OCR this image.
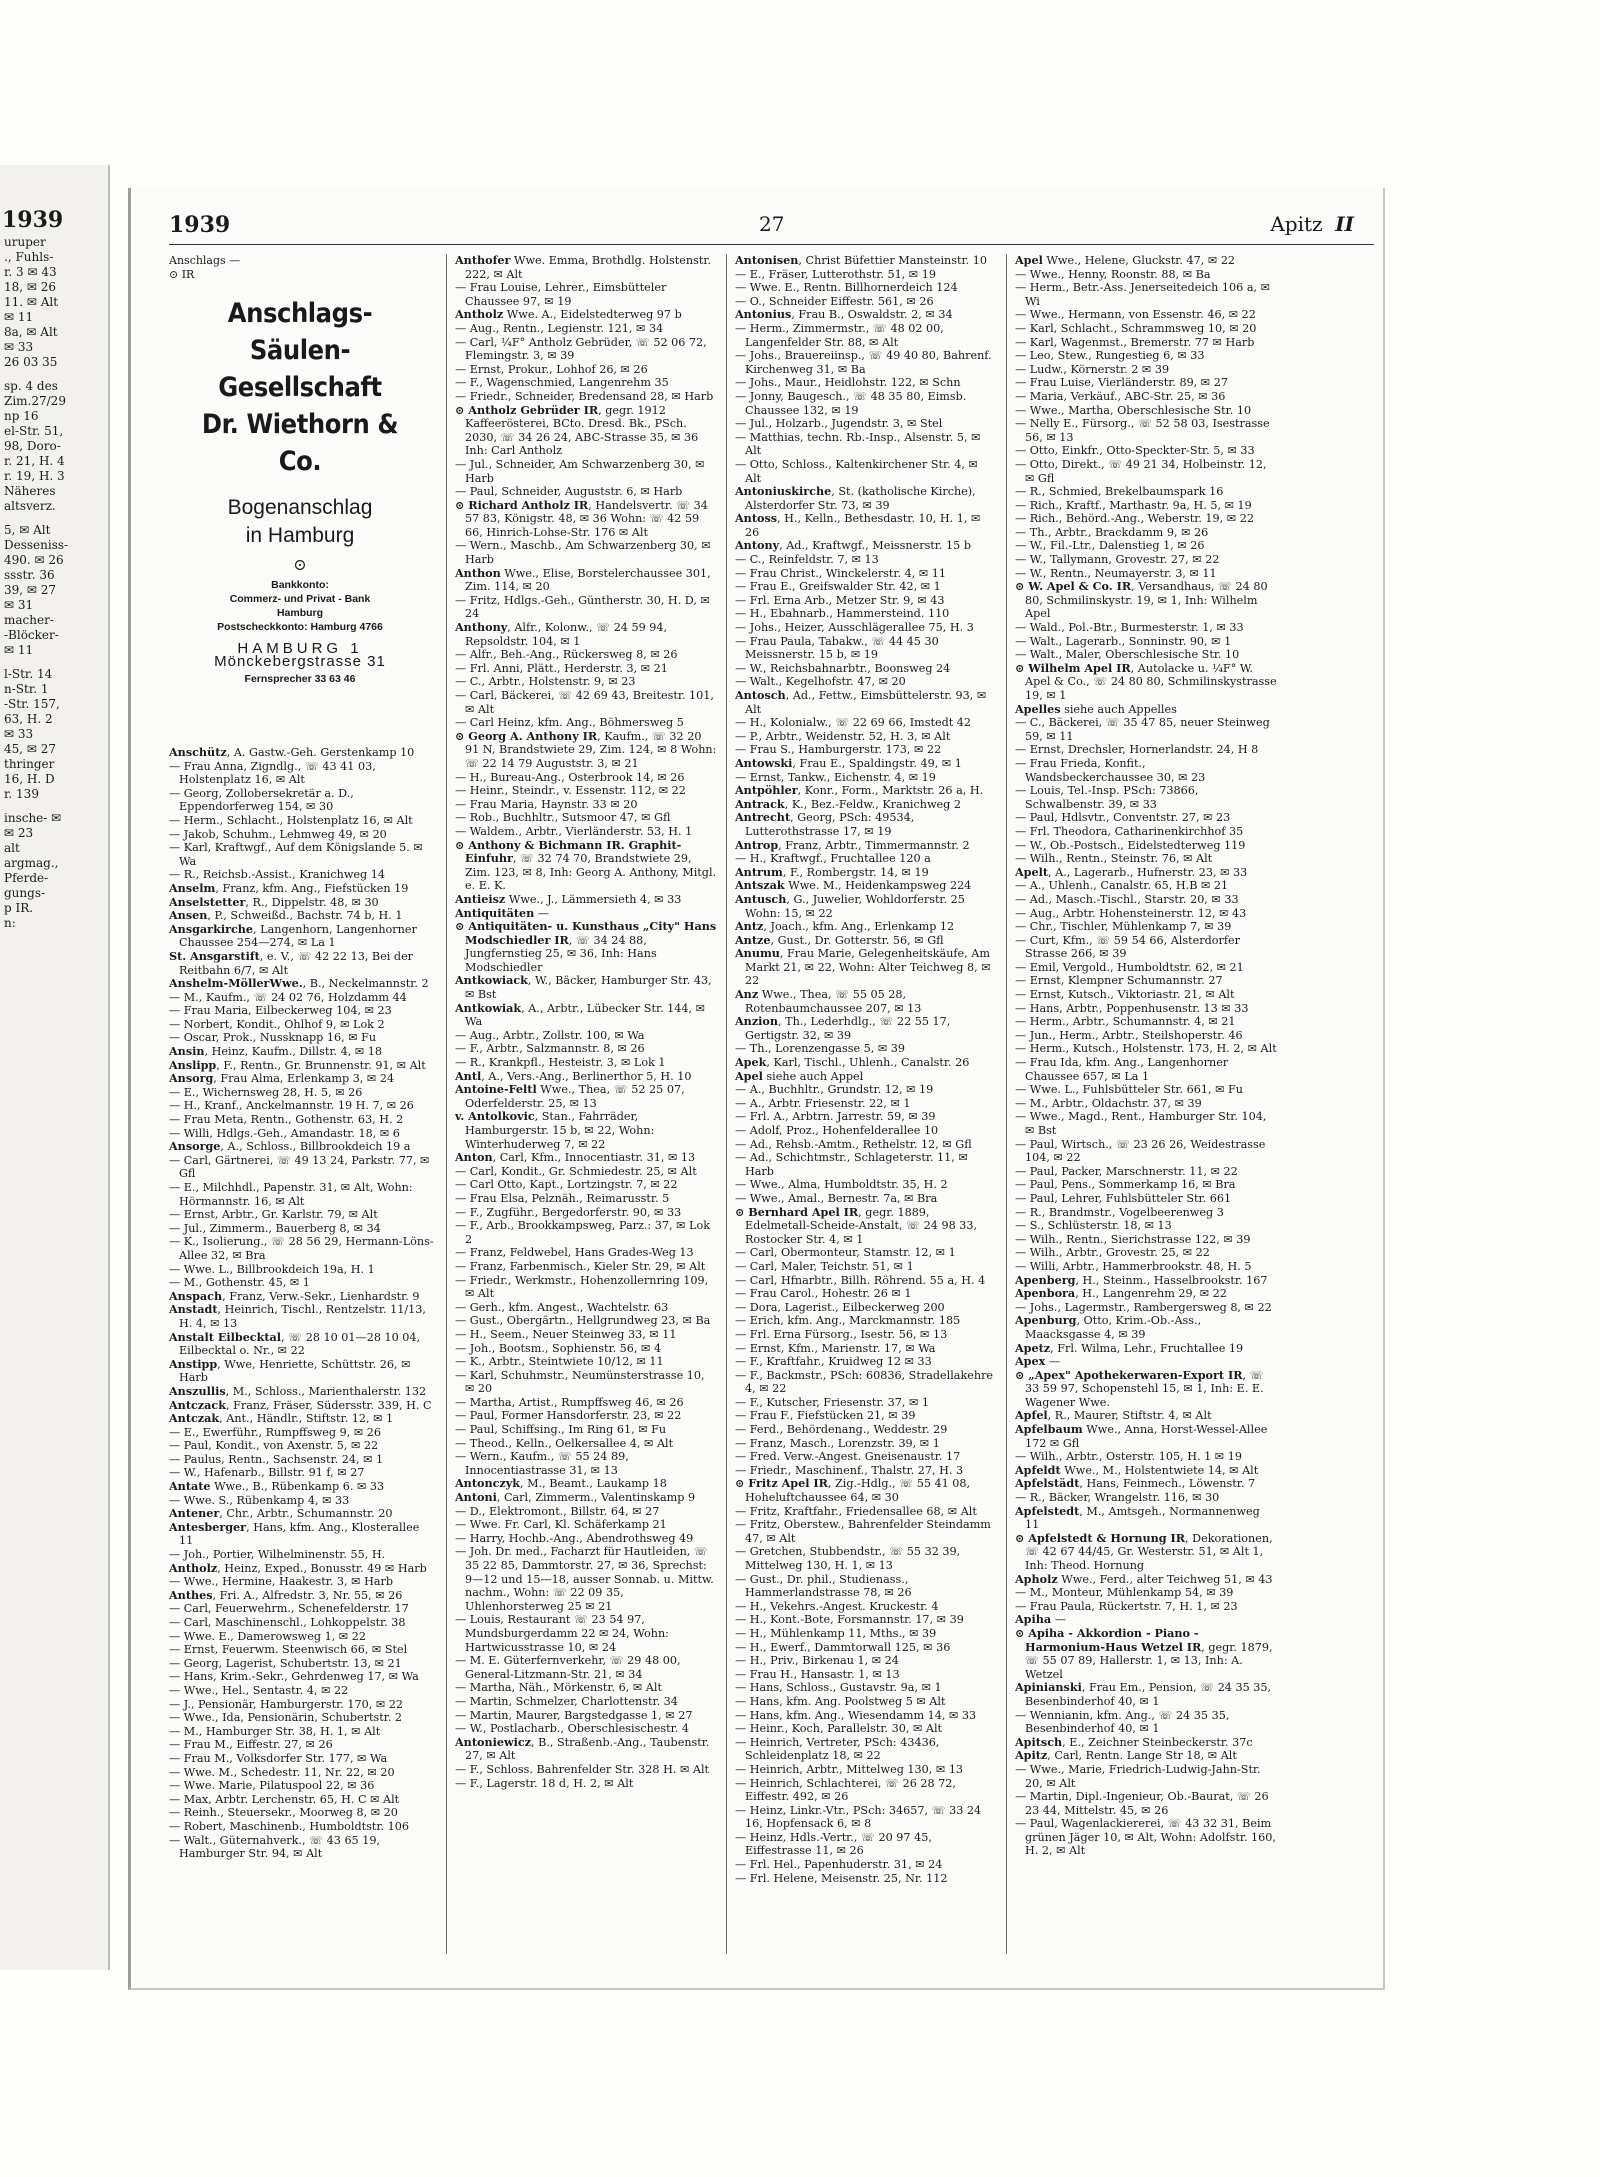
1939
uruper
., Fuhls-
r. 3 ✉ 43
18, ✉ 26
11. ✉ Alt
✉ 11
8a, ✉ Alt
✉ 33
26 03 35
sp. 4 des
Zim.27/29
np 16
el-Str. 51,
98, Doro-
r. 21, H. 4
r. 19, H. 3
Näheres
altsverz.
5, ✉ Alt
Desseniss-
490. ✉ 26
ssstr. 36
39, ✉ 27
✉ 31
macher-
-Blöcker-
✉ 11
l-Str. 14
n-Str. 1
-Str. 157,
63, H. 2
✉ 33
45, ✉ 27
thringer
16, H. D
r. 139
insche- ✉
✉ 23
alt
argmag.,
Pferde-
gungs-
p IR.
n:
1939	27	Apitz II
Anschlags —
⊙ IR
Anschlags-Säulen-
Gesellschaft
Dr. Wiethorn & Co.
Bogenanschlag
in Hamburg
⊙
Bankkonto:
Commerz- und Privat - Bank
Hamburg
Postscheckkonto: Hamburg 4766
HAMBURG 1
Mönckebergstrasse 31
Fernsprecher 33 63 46

Anschütz, A. Gastw.-Geh. Gerstenkamp 10

— Frau Anna, Zigndlg., ☏ 43 41 03, Holstenplatz 16, ✉ Alt

— Georg, Zollobersekretär a. D., Eppendorferweg 154, ✉ 30

— Herm., Schlacht., Holstenplatz 16, ✉ Alt

— Jakob, Schuhm., Lehmweg 49, ✉ 20

— Karl, Kraftwgf., Auf dem Königslande 5. ✉ Wa

— R., Reichsb.-Assist., Kranichweg 14

Anselm, Franz, kfm. Ang., Fiefstücken 19

Anselstetter, R., Dippelstr. 48, ✉ 30

Ansen, P., Schweißd., Bachstr. 74 b, H. 1

Ansgarkirche, Langenhorn, Langenhorner Chaussee 254—274, ✉ La 1

St. Ansgarstift, e. V., ☏ 42 22 13, Bei der Reitbahn 6/7, ✉ Alt

Anshelm-MöllerWwe., B., Neckelmannstr. 2

— M., Kaufm., ☏ 24 02 76, Holzdamm 44

— Frau Maria, Eilbeckerweg 104, ✉ 23

— Norbert, Kondit., Ohlhof 9, ✉ Lok 2

— Oscar, Prok., Nussknapp 16, ✉ Fu

Ansin, Heinz, Kaufm., Dillstr. 4, ✉ 18

Anslipp, F., Rentn., Gr. Brunnenstr. 91, ✉ Alt

Ansorg, Frau Alma, Erlenkamp 3, ✉ 24

— E., Wichernsweg 28, H. 5, ✉ 26

— H., Kranf., Anckelmannstr. 19 H. 7, ✉ 26

— Frau Meta, Rentn., Gothenstr. 63, H. 2

— Willi, Hdlgs.-Geh., Amandastr. 18, ✉ 6

Ansorge, A., Schloss., Billbrookdeich 19 a

— Carl, Gärtnerei, ☏ 49 13 24, Parkstr. 77, ✉ Gfl

— E., Milchhdl., Papenstr. 31, ✉ Alt, Wohn: Hörmannstr. 16, ✉ Alt

— Ernst, Arbtr., Gr. Karlstr. 79, ✉ Alt

— Jul., Zimmerm., Bauerberg 8, ✉ 34

— K., Isolierung., ☏ 28 56 29, Hermann-Löns-Allee 32, ✉ Bra

— Wwe. L., Billbrookdeich 19a, H. 1

— M., Gothenstr. 45, ✉ 1

Anspach, Franz, Verw.-Sekr., Lienhardstr. 9

Anstadt, Heinrich, Tischl., Rentzelstr. 11/13, H. 4, ✉ 13

Anstalt Eilbecktal, ☏ 28 10 01—28 10 04, Eilbecktal o. Nr., ✉ 22

Anstipp, Wwe, Henriette, Schüttstr. 26, ✉ Harb

Anszullis, M., Schloss., Marienthalerstr. 132

Antczack, Franz, Fräser, Südersstr. 339, H. C

Antczak, Ant., Händlr., Stiftstr. 12, ✉ 1

— E., Ewerführ., Rumpffsweg 9, ✉ 26

— Paul, Kondit., von Axenstr. 5, ✉ 22

— Paulus, Rentn., Sachsenstr. 24, ✉ 1

— W., Hafenarb., Billstr. 91 f, ✉ 27

Antate Wwe., B., Rübenkamp 6. ✉ 33

— Wwe. S., Rübenkamp 4, ✉ 33

Antener, Chr., Arbtr., Schumannstr. 20

Antesberger, Hans, kfm. Ang., Klosterallee 11

— Joh., Portier, Wilhelminenstr. 55, H.

Antholz, Heinz, Exped., Bonusstr. 49 ✉ Harb

— Wwe., Hermine, Haakestr. 3, ✉ Harb

Anthes, Fri. A., Alfredstr. 3, Nr. 55, ✉ 26

— Carl, Feuerwehrm., Schenefelderstr. 17

— Carl, Maschinenschl., Lohkoppelstr. 38

— Wwe. E., Damerowsweg 1, ✉ 22

— Ernst, Feuerwm. Steenwisch 66, ✉ Stel

— Georg, Lagerist, Schubertstr. 13, ✉ 21

— Hans, Krim.-Sekr., Gehrdenweg 17, ✉ Wa

— Wwe., Hel., Sentastr. 4, ✉ 22

— J., Pensionär, Hamburgerstr. 170, ✉ 22

— Wwe., Ida, Pensionärin, Schubertstr. 2

— M., Hamburger Str. 38, H. 1, ✉ Alt

— Frau M., Eiffestr. 27, ✉ 26

— Frau M., Volksdorfer Str. 177, ✉ Wa

— Wwe. M., Schedestr. 11, Nr. 22, ✉ 20

— Wwe. Marie, Pilatuspool 22, ✉ 36

— Max, Arbtr. Lerchenstr. 65, H. C ✉ Alt

— Reinh., Steuersekr., Moorweg 8, ✉ 20

— Robert, Maschinenb., Humboldtstr. 106

— Walt., Güternahverk., ☏ 43 65 19, Hamburger Str. 94, ✉ Alt

Anthofer Wwe. Emma, Brothdlg. Holstenstr. 222, ✉ Alt

— Frau Louise, Lehrer., Eimsbütteler Chaussee 97, ✉ 19

Antholz Wwe. A., Eidelstedterweg 97 b

— Aug., Rentn., Legienstr. 121, ✉ 34

— Carl, ¼F° Antholz Gebrüder, ☏ 52 06 72, Flemingstr. 3, ✉ 39

— Ernst, Prokur., Lohhof 26, ✉ 26

— F., Wagenschmied, Langenrehm 35

— Friedr., Schneider, Bredensand 28, ✉ Harb

⊙ Antholz Gebrüder IR, gegr. 1912 Kaffeerösterei, BCto. Dresd. Bk., PSch. 2030, ☏ 34 26 24, ABC-Strasse 35, ✉ 36 Inh: Carl Antholz

— Jul., Schneider, Am Schwarzenberg 30, ✉ Harb

— Paul, Schneider, Auguststr. 6, ✉ Harb

⊙ Richard Antholz IR, Handelsvertr. ☏ 34 57 83, Königstr. 48, ✉ 36 Wohn: ☏ 42 59 66, Hinrich-Lohse-Str. 176 ✉ Alt

— Wern., Maschb., Am Schwarzenberg 30, ✉ Harb

Anthon Wwe., Elise, Borstelerchaussee 301, Zim. 114, ✉ 20

— Fritz, Hdlgs.-Geh., Güntherstr. 30, H. D, ✉ 24

Anthony, Alfr., Kolonw., ☏ 24 59 94, Repsoldstr. 104, ✉ 1

— Alfr., Beh.-Ang., Rückersweg 8, ✉ 26

— Frl. Anni, Plätt., Herderstr. 3, ✉ 21

— C., Arbtr., Holstenstr. 9, ✉ 23

— Carl, Bäckerei, ☏ 42 69 43, Breitestr. 101, ✉ Alt

— Carl Heinz, kfm. Ang., Böhmersweg 5

⊙ Georg A. Anthony IR, Kaufm., ☏ 32 20 91 N, Brandstwiete 29, Zim. 124, ✉ 8 Wohn: ☏ 22 14 79 Auguststr. 3, ✉ 21

— H., Bureau-Ang., Osterbrook 14, ✉ 26

— Heinr., Steindr., v. Essenstr. 112, ✉ 22

— Frau Maria, Haynstr. 33 ✉ 20

— Rob., Buchhltr., Sutsmoor 47, ✉ Gfl

— Waldem., Arbtr., Vierländerstr. 53, H. 1

⊙ Anthony & Bichmann IR. Graphit-Einfuhr, ☏ 32 74 70, Brandstwiete 29, Zim. 123, ✉ 8, Inh: Georg A. Anthony, Mitgl. e. E. K.

Antieisz Wwe., J., Lämmersieth 4, ✉ 33

Antiquitäten —

⊙ Antiquitäten- u. Kunsthaus „City" Hans Modschiedler IR, ☏ 34 24 88, Jungfernstieg 25, ✉ 36, Inh: Hans Modschiedler

Antkowiack, W., Bäcker, Hamburger Str. 43, ✉ Bst

Antkowiak, A., Arbtr., Lübecker Str. 144, ✉ Wa

— Aug., Arbtr., Zollstr. 100, ✉ Wa

— F., Arbtr., Salzmannstr. 8, ✉ 26

— R., Krankpfl., Hesteistr. 3, ✉ Lok 1

Antl, A., Vers.-Ang., Berlinerthor 5, H. 10

Antoine-Feltl Wwe., Thea, ☏ 52 25 07, Oderfelderstr. 25, ✉ 13

v. Antolkovic, Stan., Fahrräder, Hamburgerstr. 15 b, ✉ 22, Wohn: Winterhuderweg 7, ✉ 22

Anton, Carl, Kfm., Innocentiastr. 31, ✉ 13

— Carl, Kondit., Gr. Schmiedestr. 25, ✉ Alt

— Carl Otto, Kapt., Lortzingstr. 7, ✉ 22

— Frau Elsa, Pelznäh., Reimarusstr. 5

— F., Zugführ., Bergedorferstr. 90, ✉ 33

— F., Arb., Brookkampsweg, Parz.: 37, ✉ Lok 2

— Franz, Feldwebel, Hans Grades-Weg 13

— Franz, Farbenmisch., Kieler Str. 29, ✉ Alt

— Friedr., Werkmstr., Hohenzollernring 109, ✉ Alt

— Gerh., kfm. Angest., Wachtelstr. 63

— Gust., Obergärtn., Hellgrundweg 23, ✉ Ba

— H., Seem., Neuer Steinweg 33, ✉ 11

— Joh., Bootsm., Sophienstr. 56, ✉ 4

— K., Arbtr., Steintwiete 10/12, ✉ 11

— Karl, Schuhmstr., Neumünsterstrasse 10, ✉ 20

— Martha, Artist., Rumpffsweg 46, ✉ 26

— Paul, Former Hansdorferstr. 23, ✉ 22

— Paul, Schiffsing., Im Ring 61, ✉ Fu

— Theod., Kelln., Oelkersallee 4, ✉ Alt

— Wern., Kaufm., ☏ 55 24 89, Innocentiastrasse 31, ✉ 13

Antonczyk, M., Beamt., Laukamp 18

Antoni, Carl, Zimmerm., Valentinskamp 9

— D., Elektromont., Billstr. 64, ✉ 27

— Wwe. Fr. Carl, Kl. Schäferkamp 21

— Harry, Hochb.-Ang., Abendrothsweg 49

— Joh. Dr. med., Facharzt für Hautleiden, ☏ 35 22 85, Dammtorstr. 27, ✉ 36, Sprechst: 9—12 und 15—18, ausser Sonnab. u. Mittw. nachm., Wohn: ☏ 22 09 35, Uhlenhorsterweg 25 ✉ 21

— Louis, Restaurant ☏ 23 54 97, Mundsburgerdamm 22 ✉ 24, Wohn: Hartwicusstrasse 10, ✉ 24

— M. E. Güterfernverkehr, ☏ 29 48 00, General-Litzmann-Str. 21, ✉ 34

— Martha, Näh., Mörkenstr. 6, ✉ Alt

— Martin, Schmelzer, Charlottenstr. 34

— Martin, Maurer, Bargstedgasse 1, ✉ 27

— W., Postlacharb., Oberschlesischestr. 4

Antoniewicz, B., Straßenb.-Ang., Taubenstr. 27, ✉ Alt

— F., Schloss. Bahrenfelder Str. 328 H. ✉ Alt

— F., Lagerstr. 18 d, H. 2, ✉ Alt

Antonisen, Christ Büfettier Mansteinstr. 10

— E., Fräser, Lutterothstr. 51, ✉ 19

— Wwe. E., Rentn. Billhornerdeich 124

— O., Schneider Eiffestr. 561, ✉ 26

Antonius, Frau B., Oswaldstr. 2, ✉ 34

— Herm., Zimmermstr., ☏ 48 02 00, Langenfelder Str. 88, ✉ Alt

— Johs., Brauereiinsp., ☏ 49 40 80, Bahrenf. Kirchenweg 31, ✉ Ba

— Johs., Maur., Heidlohstr. 122, ✉ Schn

— Jonny, Baugesch., ☏ 48 35 80, Eimsb. Chaussee 132, ✉ 19

— Jul., Holzarb., Jugendstr. 3, ✉ Stel

— Matthias, techn. Rb.-Insp., Alsenstr. 5, ✉ Alt

— Otto, Schloss., Kaltenkirchener Str. 4, ✉ Alt

Antoniuskirche, St. (katholische Kirche), Alsterdorfer Str. 73, ✉ 39

Antoss, H., Kelln., Bethesdastr. 10, H. 1, ✉ 26

Antony, Ad., Kraftwgf., Meissnerstr. 15 b

— C., Reinfeldstr. 7, ✉ 13

— Frau Christ., Winckelerstr. 4, ✉ 11

— Frau E., Greifswalder Str. 42, ✉ 1

— Frl. Erna Arb., Metzer Str. 9, ✉ 43

— H., Ebahnarb., Hammersteind. 110

— Johs., Heizer, Ausschlägerallee 75, H. 3

— Frau Paula, Tabakw., ☏ 44 45 30 Meissnerstr. 15 b, ✉ 19

— W., Reichsbahnarbtr., Boonsweg 24

— Walt., Kegelhofstr. 47, ✉ 20

Antosch, Ad., Fettw., Eimsbüttelerstr. 93, ✉ Alt

— H., Kolonialw., ☏ 22 69 66, Imstedt 42

— P., Arbtr., Weidenstr. 52, H. 3, ✉ Alt

— Frau S., Hamburgerstr. 173, ✉ 22

Antowski, Frau E., Spaldingstr. 49, ✉ 1

— Ernst, Tankw., Eichenstr. 4, ✉ 19

Antpöhler, Konr., Form., Marktstr. 26 a, H.

Antrack, K., Bez.-Feldw., Kranichweg 2

Antrecht, Georg, PSch: 49534, Lutterothstrasse 17, ✉ 19

Antrop, Franz, Arbtr., Timmermannstr. 2

— H., Kraftwgf., Fruchtallee 120 a

Antrum, F., Rombergstr. 14, ✉ 19

Antszak Wwe. M., Heidenkampsweg 224

Antusch, G., Juwelier, Wohldorferstr. 25 Wohn: 15, ✉ 22

Antz, Joach., kfm. Ang., Erlenkamp 12

Antze, Gust., Dr. Gotterstr. 56, ✉ Gfl

Anumu, Frau Marie, Gelegenheitskäufe, Am Markt 21, ✉ 22, Wohn: Alter Teichweg 8, ✉ 22

Anz Wwe., Thea, ☏ 55 05 28, Rotenbaumchaussee 207, ✉ 13

Anzion, Th., Lederhdlg., ☏ 22 55 17, Gertigstr. 32, ✉ 39

— Th., Lorenzengasse 5, ✉ 39

Apek, Karl, Tischl., Uhlenh., Canalstr. 26

Apel siehe auch Appel

— A., Buchhltr., Grundstr. 12, ✉ 19

— A., Arbtr. Friesenstr. 22, ✉ 1

— Frl. A., Arbtrn. Jarrestr. 59, ✉ 39

— Adolf, Proz., Hohenfelderallee 10

— Ad., Rehsb.-Amtm., Rethelstr. 12, ✉ Gfl

— Ad., Schichtmstr., Schlageterstr. 11, ✉ Harb

— Wwe., Alma, Humboldtstr. 35, H. 2

— Wwe., Amal., Bernestr. 7a, ✉ Bra

⊙ Bernhard Apel IR, gegr. 1889, Edelmetall-Scheide-Anstalt, ☏ 24 98 33, Rostocker Str. 4, ✉ 1

— Carl, Obermonteur, Stamstr. 12, ✉ 1

— Carl, Maler, Teichstr. 51, ✉ 1

— Carl, Hfnarbtr., Billh. Röhrend. 55 a, H. 4

— Frau Carol., Hohestr. 26 ✉ 1

— Dora, Lagerist., Eilbeckerweg 200

— Erich, kfm. Ang., Marckmannstr. 185

— Frl. Erna Fürsorg., Isestr. 56, ✉ 13

— Ernst, Kfm., Marienstr. 17, ✉ Wa

— F., Kraftfahr., Kruidweg 12 ✉ 33

— F., Backmstr., PSch: 60836, Stradellakehre 4, ✉ 22

— F., Kutscher, Friesenstr. 37, ✉ 1

— Frau F., Fiefstücken 21, ✉ 39

— Ferd., Behördenang., Weddestr. 29

— Franz, Masch., Lorenzstr. 39, ✉ 1

— Fred. Verw.-Angest. Gneisenaustr. 17

— Friedr., Maschinenf., Thalstr. 27, H. 3

⊙ Fritz Apel IR, Zig.-Hdlg., ☏ 55 41 08, Hoheluftchaussee 64, ✉ 30

— Fritz, Kraftfahr., Friedensallee 68, ✉ Alt

— Fritz, Oberstew., Bahrenfelder Steindamm 47, ✉ Alt

— Gretchen, Stubbendstr., ☏ 55 32 39, Mittelweg 130, H. 1, ✉ 13

— Gust., Dr. phil., Studienass., Hammerlandstrasse 78, ✉ 26

— H., Vekehrs.-Angest. Kruckestr. 4

— H., Kont.-Bote, Forsmannstr. 17, ✉ 39

— H., Mühlenkamp 11, Mths., ✉ 39

— H., Ewerf., Dammtorwall 125, ✉ 36

— H., Priv., Birkenau 1, ✉ 24

— Frau H., Hansastr. 1, ✉ 13

— Hans, Schloss., Gustavstr. 9a, ✉ 1

— Hans, kfm. Ang. Poolstweg 5 ✉ Alt

— Hans, kfm. Ang., Wiesendamm 14, ✉ 33

— Heinr., Koch, Parallelstr. 30, ✉ Alt

— Heinrich, Vertreter, PSch: 43436, Schleidenplatz 18, ✉ 22

— Heinrich, Arbtr., Mittelweg 130, ✉ 13

— Heinrich, Schlachterei, ☏ 26 28 72, Eiffestr. 492, ✉ 26

— Heinz, Linkr.-Vtr., PSch: 34657, ☏ 33 24 16, Hopfensack 6, ✉ 8

— Heinz, Hdls.-Vertr., ☏ 20 97 45, Eiffestrasse 11, ✉ 26

— Frl. Hel., Papenhuderstr. 31, ✉ 24

— Frl. Helene, Meisenstr. 25, Nr. 112

Apel Wwe., Helene, Gluckstr. 47, ✉ 22

— Wwe., Henny, Roonstr. 88, ✉ Ba

— Herm., Betr.-Ass. Jenerseitedeich 106 a, ✉ Wi

— Wwe., Hermann, von Essenstr. 46, ✉ 22

— Karl, Schlacht., Schrammsweg 10, ✉ 20

— Karl, Wagenmst., Bremerstr. 77 ✉ Harb

— Leo, Stew., Rungestieg 6, ✉ 33

— Ludw., Körnerstr. 2 ✉ 39

— Frau Luise, Vierländerstr. 89, ✉ 27

— Maria, Verkäuf., ABC-Str. 25, ✉ 36

— Wwe., Martha, Oberschlesische Str. 10

— Nelly E., Fürsorg., ☏ 52 58 03, Isestrasse 56, ✉ 13

— Otto, Einkfr., Otto-Speckter-Str. 5, ✉ 33

— Otto, Direkt., ☏ 49 21 34, Holbeinstr. 12, ✉ Gfl

— R., Schmied, Brekelbaumspark 16

— Rich., Kraftf., Marthastr. 9a, H. 5, ✉ 19

— Rich., Behörd.-Ang., Weberstr. 19, ✉ 22

— Th., Arbtr., Brackdamm 9, ✉ 26

— W., Fil.-Ltr., Dalenstieg 1, ✉ 26

— W., Tallymann, Grovestr. 27, ✉ 22

— W., Rentn., Neumayerstr. 3, ✉ 11

⊙ W. Apel & Co. IR, Versandhaus, ☏ 24 80 80, Schmilinskystr. 19, ✉ 1, Inh: Wilhelm Apel

— Wald., Pol.-Btr., Burmesterstr. 1, ✉ 33

— Walt., Lagerarb., Sonninstr. 90, ✉ 1

— Walt., Maler, Oberschlesische Str. 10

⊙ Wilhelm Apel IR, Autolacke u. ¼F° W. Apel & Co., ☏ 24 80 80, Schmilinskystrasse 19, ✉ 1

Apelles siehe auch Appelles

— C., Bäckerei, ☏ 35 47 85, neuer Steinweg 59, ✉ 11

— Ernst, Drechsler, Hornerlandstr. 24, H 8

— Frau Frieda, Konfit., Wandsbeckerchaussee 30, ✉ 23

— Louis, Tel.-Insp. PSch: 73866, Schwalbenstr. 39, ✉ 33

— Paul, Hdlsvtr., Conventstr. 27, ✉ 23

— Frl. Theodora, Catharinenkirchhof 35

— W., Ob.-Postsch., Eidelstedterweg 119

— Wilh., Rentn., Steinstr. 76, ✉ Alt

Apelt, A., Lagerarb., Hufnerstr. 23, ✉ 33

— A., Uhlenh., Canalstr. 65, H.B ✉ 21

— Ad., Masch.-Tischl., Starstr. 20, ✉ 33

— Aug., Arbtr. Hohensteinerstr. 12, ✉ 43

— Chr., Tischler, Mühlenkamp 7, ✉ 39

— Curt, Kfm., ☏ 59 54 66, Alsterdorfer Strasse 266, ✉ 39

— Emil, Vergold., Humboldtstr. 62, ✉ 21

— Ernst, Klempner Schumannstr. 27

— Ernst, Kutsch., Viktoriastr. 21, ✉ Alt

— Hans, Arbtr., Poppenhusenstr. 13 ✉ 33

— Herm., Arbtr., Schumannstr. 4, ✉ 21

— Jun., Herm., Arbtr., Steilshoperstr. 46

— Herm., Kutsch., Holstenstr. 173, H. 2, ✉ Alt

— Frau Ida, kfm. Ang., Langenhorner Chaussee 657, ✉ La 1

— Wwe. L., Fuhlsbütteler Str. 661, ✉ Fu

— M., Arbtr., Oldachstr. 37, ✉ 39

— Wwe., Magd., Rent., Hamburger Str. 104, ✉ Bst

— Paul, Wirtsch., ☏ 23 26 26, Weidestrasse 104, ✉ 22

— Paul, Packer, Marschnerstr. 11, ✉ 22

— Paul, Pens., Sommerkamp 16, ✉ Bra

— Paul, Lehrer, Fuhlsbütteler Str. 661

— R., Brandmstr., Vogelbeerenweg 3

— S., Schlüsterstr. 18, ✉ 13

— Wilh., Rentn., Sierichstrasse 122, ✉ 39

— Wilh., Arbtr., Grovestr. 25, ✉ 22

— Willi, Arbtr., Hammerbrookstr. 48, H. 5

Apenberg, H., Steinm., Hasselbrookstr. 167

Apenbora, H., Langenrehm 29, ✉ 22

— Johs., Lagermstr., Rambergersweg 8, ✉ 22

Apenburg, Otto, Krim.-Ob.-Ass., Maacksgasse 4, ✉ 39

Apetz, Frl. Wilma, Lehr., Fruchtallee 19

Apex —

⊙ „Apex" Apothekerwaren-Export IR, ☏ 33 59 97, Schopenstehl 15, ✉ 1, Inh: E. E. Wagener Wwe.

Apfel, R., Maurer, Stiftstr. 4, ✉ Alt

Apfelbaum Wwe., Anna, Horst-Wessel-Allee 172 ✉ Gfl

— Wilh., Arbtr., Osterstr. 105, H. 1 ✉ 19

Apfeldt Wwe., M., Holstentwiete 14, ✉ Alt

Apfelstädt, Hans, Feinmech., Löwenstr. 7

— R., Bäcker, Wrangelstr. 116, ✉ 30

Apfelstedt, M., Amtsgeh., Normannenweg 11

⊙ Apfelstedt & Hornung IR, Dekorationen, ☏ 42 67 44/45, Gr. Westerstr. 51, ✉ Alt 1, Inh: Theod. Hornung

Apholz Wwe., Ferd., alter Teichweg 51, ✉ 43

— M., Monteur, Mühlenkamp 54, ✉ 39

— Frau Paula, Rückertstr. 7, H. 1, ✉ 23

Apiha —

⊙ Apiha - Akkordion - Piano - Harmonium-Haus Wetzel IR, gegr. 1879, ☏ 55 07 89, Hallerstr. 1, ✉ 13, Inh: A. Wetzel

Apinianski, Frau Em., Pension, ☏ 24 35 35, Besenbinderhof 40, ✉ 1

— Wennianin, kfm. Ang., ☏ 24 35 35, Besenbinderhof 40, ✉ 1

Apitsch, E., Zeichner Steinbeckerstr. 37c

Apitz, Carl, Rentn. Lange Str 18, ✉ Alt

— Wwe., Marie, Friedrich-Ludwig-Jahn-Str. 20, ✉ Alt

— Martin, Dipl.-Ingenieur, Ob.-Baurat, ☏ 26 23 44, Mittelstr. 45, ✉ 26

— Paul, Wagenlackiererei, ☏ 43 32 31, Beim grünen Jäger 10, ✉ Alt, Wohn: Adolfstr. 160, H. 2, ✉ Alt
